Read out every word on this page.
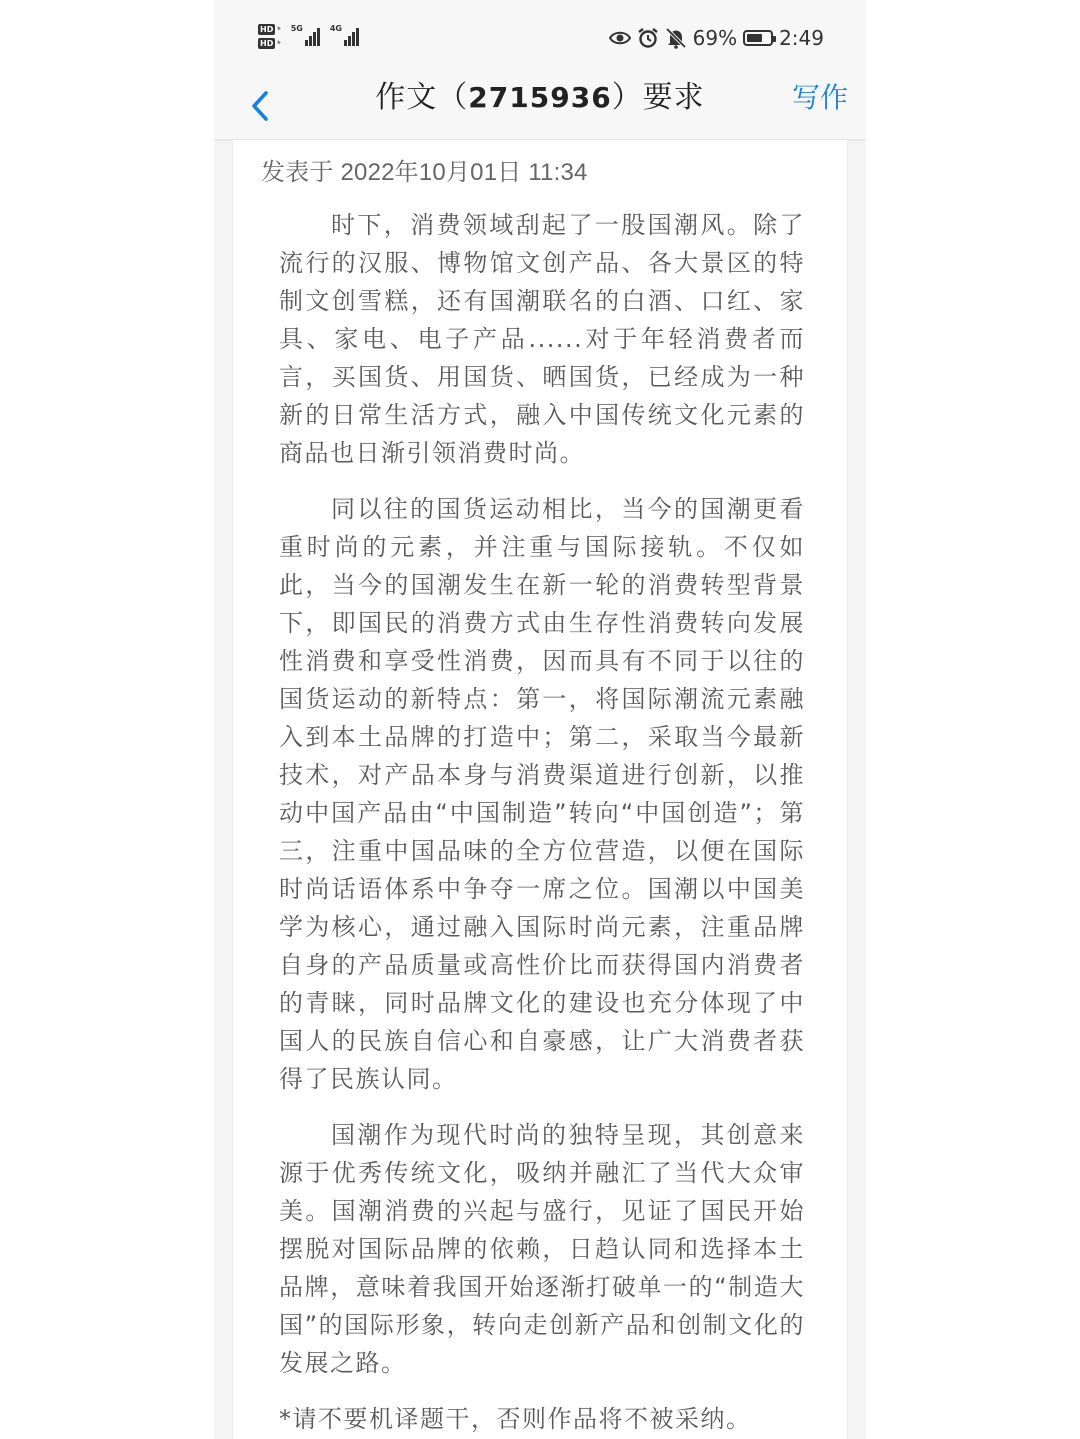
HD ᵇ
HD ᵇ
5G	4G	69% 2:49
作文（2715936）要求	写作
发表于 2022年10月01日 11:34

时下，消费领域刮起了一股国潮风。除了流行的汉服、博物馆文创产品、各大景区的特制文创雪糕，还有国潮联名的白酒、口红、家具、家电、电子产品......对于年轻消费者而言，买国货、用国货、晒国货，已经成为一种新的日常生活方式，融入中国传统文化元素的商品也日渐引领消费时尚。

同以往的国货运动相比，当今的国潮更看重时尚的元素，并注重与国际接轨。不仅如此，当今的国潮发生在新一轮的消费转型背景下，即国民的消费方式由生存性消费转向发展性消费和享受性消费，因而具有不同于以往的国货运动的新特点：第一，将国际潮流元素融入到本土品牌的打造中；第二，采取当今最新技术，对产品本身与消费渠道进行创新，以推动中国产品由“中国制造”转向“中国创造”；第三，注重中国品味的全方位营造，以便在国际时尚话语体系中争夺一席之位。国潮以中国美学为核心，通过融入国际时尚元素，注重品牌自身的产品质量或高性价比而获得国内消费者的青睐，同时品牌文化的建设也充分体现了中国人的民族自信心和自豪感，让广大消费者获得了民族认同。

国潮作为现代时尚的独特呈现，其创意来源于优秀传统文化，吸纳并融汇了当代大众审美。国潮消费的兴起与盛行，见证了国民开始摆脱对国际品牌的依赖，日趋认同和选择本土品牌，意味着我国开始逐渐打破单一的“制造大国”的国际形象，转向走创新产品和创制文化的发展之路。

*请不要机译题干，否则作品将不被采纳。
